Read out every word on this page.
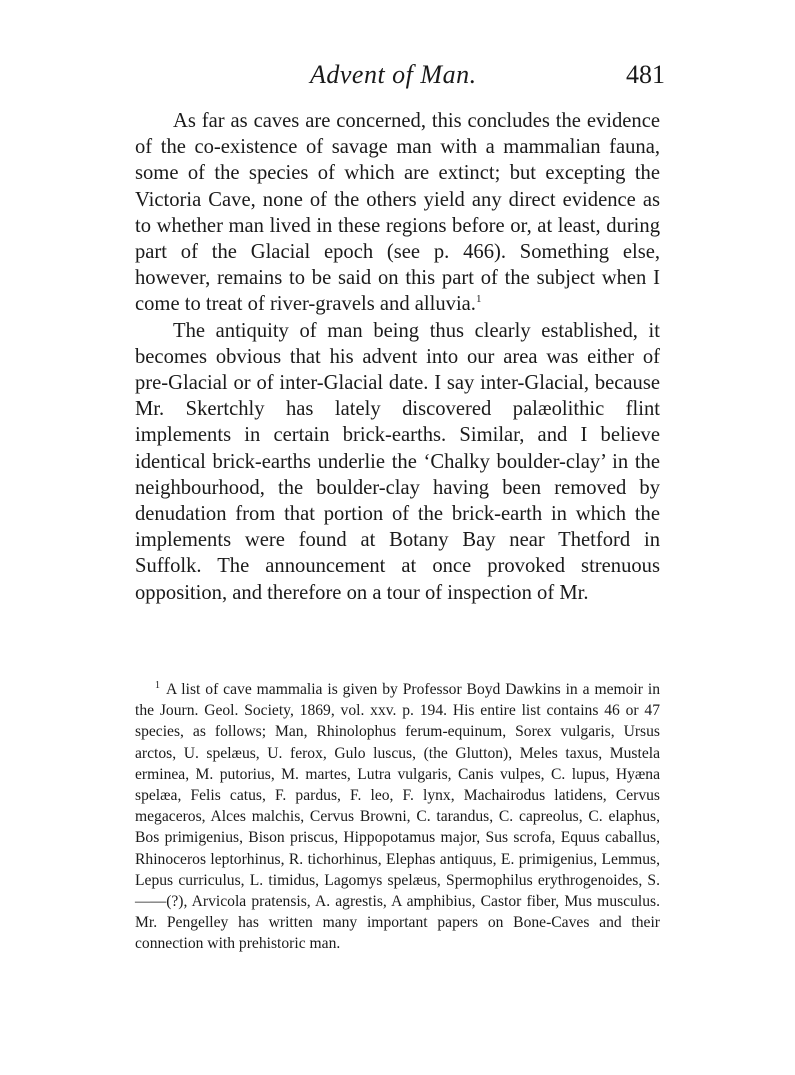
Advent of Man.	481

As far as caves are concerned, this concludes the evidence of the co-existence of savage man with a mammalian fauna, some of the species of which are extinct; but excepting the Victoria Cave, none of the others yield any direct evidence as to whether man lived in these regions before or, at least, during part of the Glacial epoch (see p. 466). Something else, however, remains to be said on this part of the subject when I come to treat of river-gravels and alluvia.$^1$

The antiquity of man being thus clearly established, it becomes obvious that his advent into our area was either of pre-Glacial or of inter-Glacial date. I say inter-Glacial, because Mr. Skertchly has lately discovered palæolithic flint implements in certain brick-earths. Similar, and I believe identical brick-earths underlie the ‘Chalky boulder-clay’ in the neighbourhood, the boulder-clay having been removed by denudation from that portion of the brick-earth in which the implements were found at Botany Bay near Thetford in Suffolk. The announcement at once provoked strenuous opposition, and therefore on a tour of inspection of Mr.

$^1$ A list of cave mammalia is given by Professor Boyd Dawkins in a memoir in the Journ. Geol. Society, 1869, vol. xxv. p. 194. His entire list contains 46 or 47 species, as follows; Man, Rhinolophus ferum-equinum, Sorex vulgaris, Ursus arctos, U. spelæus, U. ferox, Gulo luscus, (the Glutton), Meles taxus, Mustela erminea, M. putorius, M. martes, Lutra vulgaris, Canis vulpes, C. lupus, Hyæna spelæa, Felis catus, F. pardus, F. leo, F. lynx, Machairodus latidens, Cervus megaceros, Alces malchis, Cervus Browni, C. tarandus, C. capreolus, C. elaphus, Bos primigenius, Bison priscus, Hippopotamus major, Sus scrofa, Equus caballus, Rhinoceros leptorhinus, R. tichorhinus, Elephas antiquus, E. primigenius, Lemmus, Lepus curriculus, L. timidus, Lagomys spelæus, Spermophilus erythrogenoides, S.——(?), Arvicola pratensis, A. agrestis, A amphibius, Castor fiber, Mus musculus. Mr. Pengelley has written many important papers on Bone-Caves and their connection with prehistoric man.
